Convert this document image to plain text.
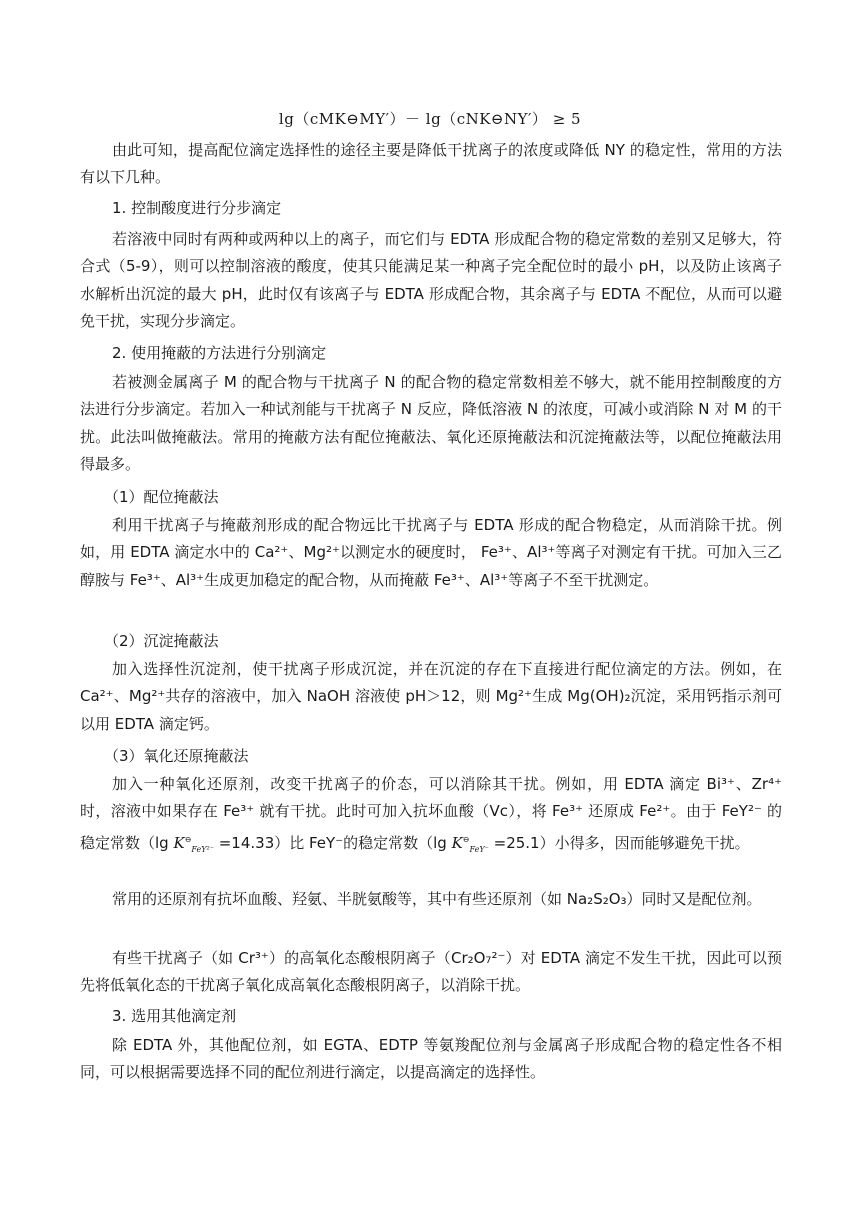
lg（cMK⊖MY′）－ lg（cNK⊖NY′） ≥ 5
由此可知，提高配位滴定选择性的途径主要是降低干扰离子的浓度或降低 NY 的稳定性，常用的方法有以下几种。
1. 控制酸度进行分步滴定
若溶液中同时有两种或两种以上的离子，而它们与 EDTA 形成配合物的稳定常数的差别又足够大，符合式（5-9），则可以控制溶液的酸度，使其只能满足某一种离子完全配位时的最小 pH，以及防止该离子水解析出沉淀的最大 pH，此时仅有该离子与 EDTA 形成配合物，其余离子与 EDTA 不配位，从而可以避免干扰，实现分步滴定。
2. 使用掩蔽的方法进行分别滴定
若被测金属离子 M 的配合物与干扰离子 N 的配合物的稳定常数相差不够大，就不能用控制酸度的方法进行分步滴定。若加入一种试剂能与干扰离子 N 反应，降低溶液 N 的浓度，可减小或消除 N 对 M 的干扰。此法叫做掩蔽法。常用的掩蔽方法有配位掩蔽法、氧化还原掩蔽法和沉淀掩蔽法等，以配位掩蔽法用得最多。
（1）配位掩蔽法
利用干扰离子与掩蔽剂形成的配合物远比干扰离子与 EDTA 形成的配合物稳定，从而消除干扰。例如，用 EDTA 滴定水中的 Ca²⁺、Mg²⁺以测定水的硬度时， Fe³⁺、Al³⁺等离子对测定有干扰。可加入三乙醇胺与 Fe³⁺、Al³⁺生成更加稳定的配合物，从而掩蔽 Fe³⁺、Al³⁺等离子不至干扰测定。
（2）沉淀掩蔽法
加入选择性沉淀剂，使干扰离子形成沉淀，并在沉淀的存在下直接进行配位滴定的方法。例如，在 Ca²⁺、Mg²⁺共存的溶液中，加入 NaOH 溶液使 pH＞12，则 Mg²⁺生成 Mg(OH)₂沉淀，采用钙指示剂可以用 EDTA 滴定钙。
（3）氧化还原掩蔽法
加入一种氧化还原剂，改变干扰离子的价态，可以消除其干扰。例如，用 EDTA 滴定 Bi³⁺、Zr⁴⁺ 时，溶液中如果存在 Fe³⁺ 就有干扰。此时可加入抗坏血酸（Vc），将 Fe³⁺ 还原成 Fe²⁺。由于 FeY²⁻ 的稳定常数（lg $K^⊖_{FeY^{2-}} =14.33$）比 FeY⁻的稳定常数（lg $K^⊖_{FeY^-} =25.1$）小得多，因而能够避免干扰。
常用的还原剂有抗坏血酸、羟氨、半胱氨酸等，其中有些还原剂（如 Na₂S₂O₃）同时又是配位剂。
有些干扰离子（如 Cr³⁺）的高氧化态酸根阴离子（Cr₂O₇²⁻）对 EDTA 滴定不发生干扰，因此可以预先将低氧化态的干扰离子氧化成高氧化态酸根阴离子，以消除干扰。
3. 选用其他滴定剂
除 EDTA 外，其他配位剂，如 EGTA、EDTP 等氨羧配位剂与金属离子形成配合物的稳定性各不相同，可以根据需要选择不同的配位剂进行滴定，以提高滴定的选择性。
